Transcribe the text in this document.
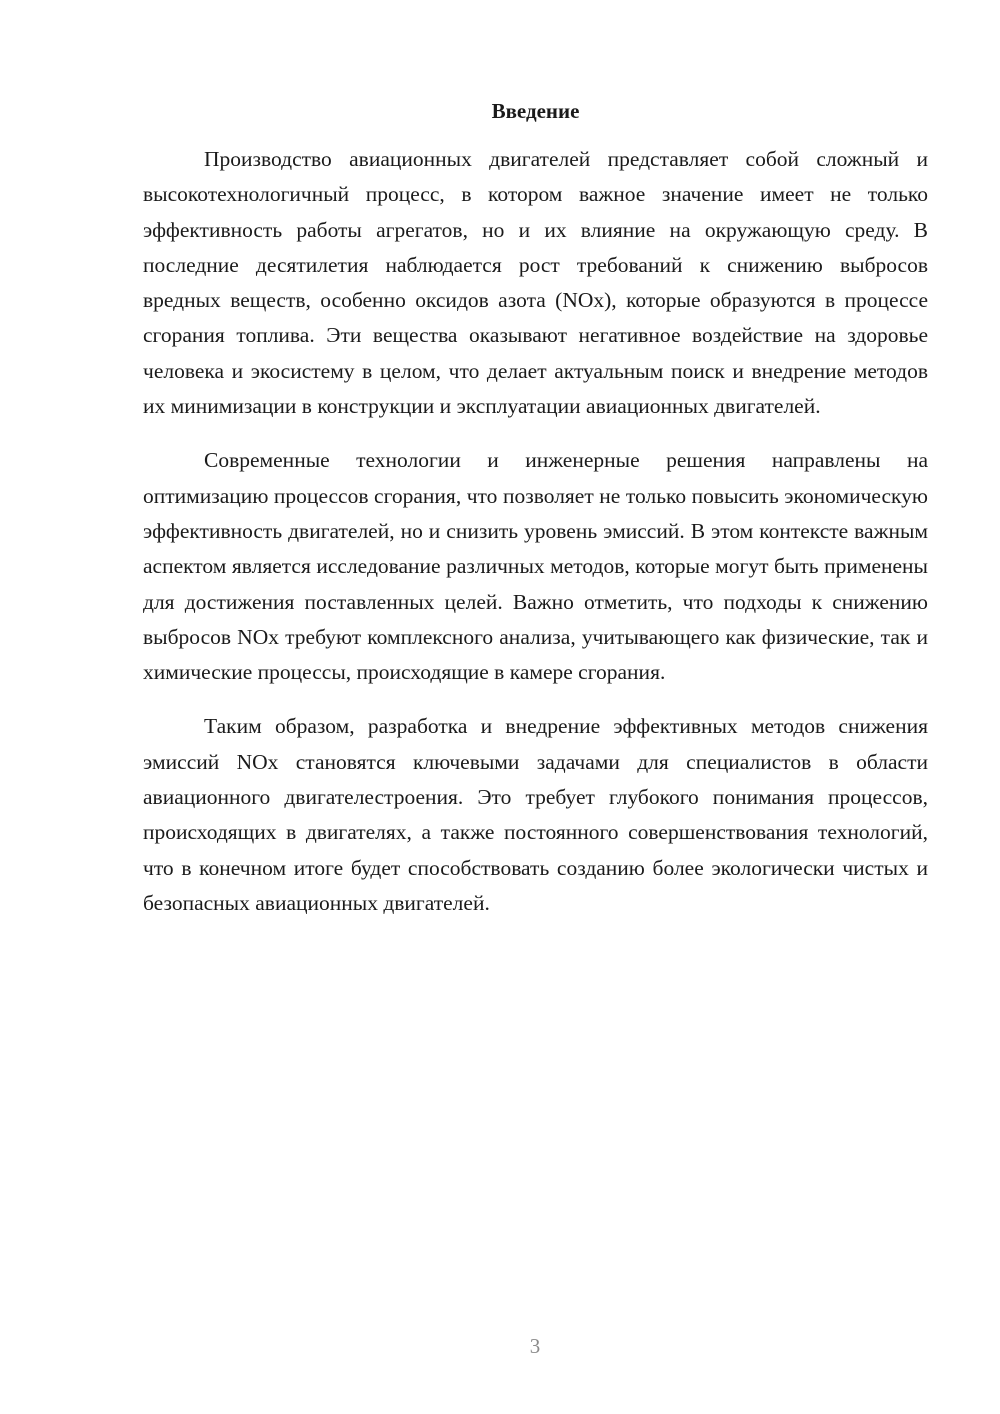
Введение

Производство авиационных двигателей представляет собой сложный и высокотехнологичный процесс, в котором важное значение имеет не только эффективность работы агрегатов, но и их влияние на окружающую среду. В последние десятилетия наблюдается рост требований к снижению выбросов вредных веществ, особенно оксидов азота (NOx), которые образуются в процессе сгорания топлива. Эти вещества оказывают негативное воздействие на здоровье человека и экосистему в целом, что делает актуальным поиск и внедрение методов их минимизации в конструкции и эксплуатации авиационных двигателей.

Современные технологии и инженерные решения направлены на оптимизацию процессов сгорания, что позволяет не только повысить экономическую эффективность двигателей, но и снизить уровень эмиссий. В этом контексте важным аспектом является исследование различных методов, которые могут быть применены для достижения поставленных целей. Важно отметить, что подходы к снижению выбросов NOx требуют комплексного анализа, учитывающего как физические, так и химические процессы, происходящие в камере сгорания.

Таким образом, разработка и внедрение эффективных методов снижения эмиссий NOx становятся ключевыми задачами для специалистов в области авиационного двигателестроения. Это требует глубокого понимания процессов, происходящих в двигателях, а также постоянного совершенствования технологий, что в конечном итоге будет способствовать созданию более экологически чистых и безопасных авиационных двигателей.

3
